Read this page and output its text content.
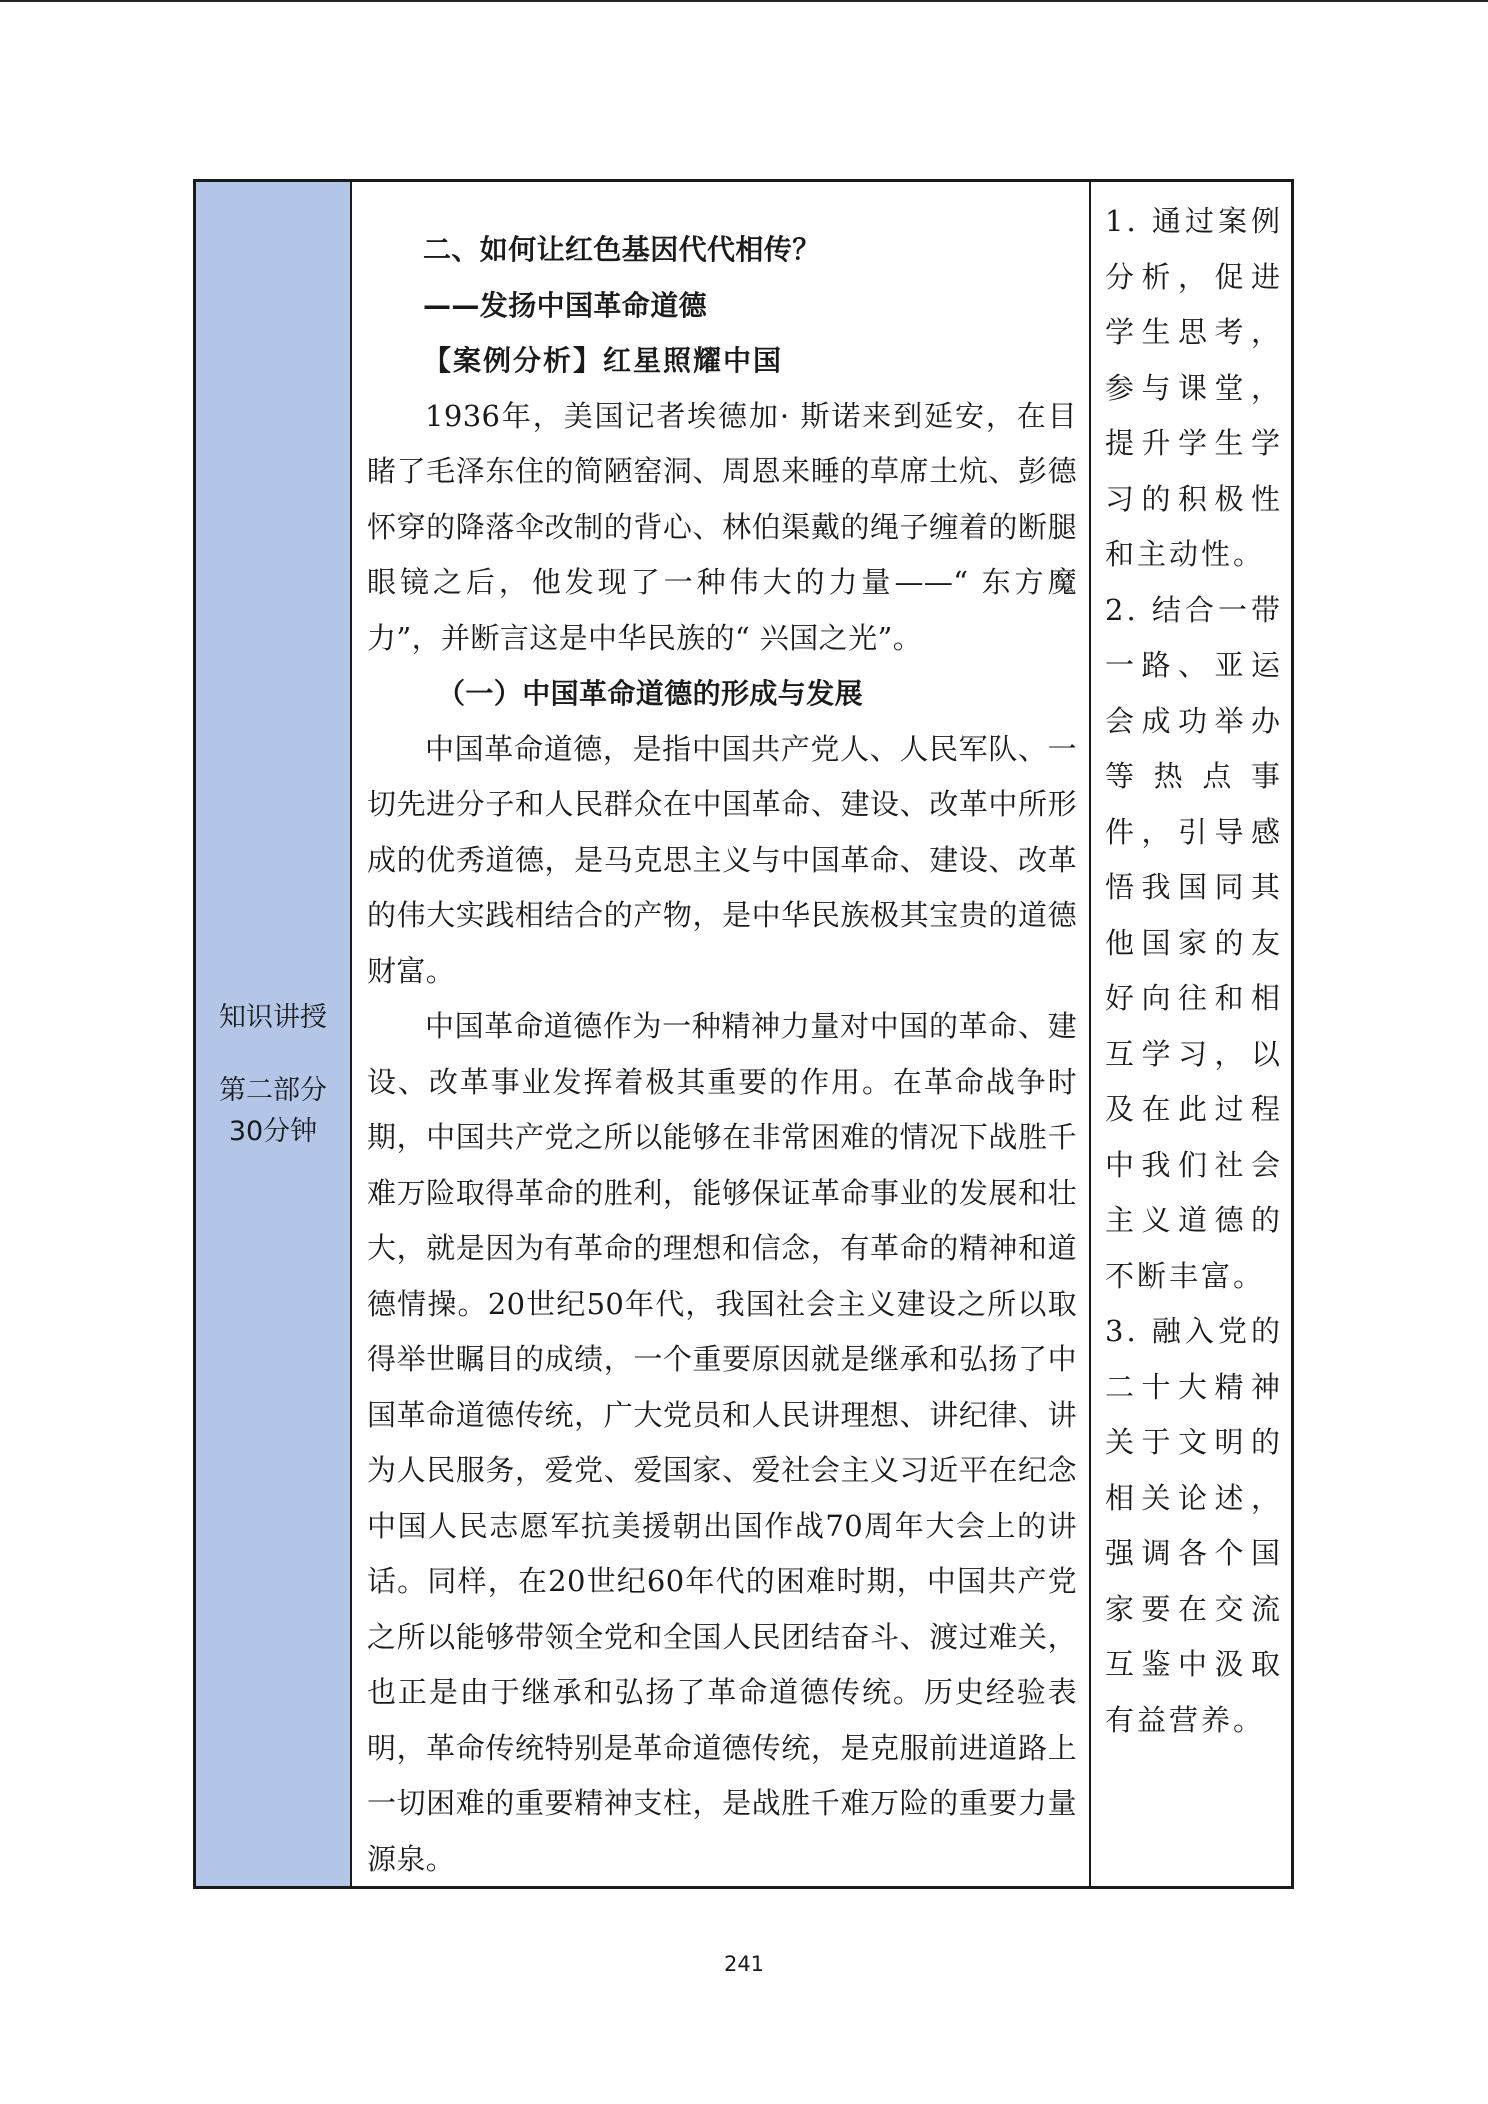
知识讲授
第二部分
30分钟

二、如何让红色基因代代相传？

——发扬中国革命道德

【案例分析】红星照耀中国

1936年，美国记者埃德加· 斯诺来到延安，在目睹了毛泽东住的简陋窑洞、周恩来睡的草席土炕、彭德怀穿的降落伞改制的背心、林伯渠戴的绳子缠着的断腿眼镜之后，他发现了一种伟大的力量——“ 东方魔力”，并断言这是中华民族的“ 兴国之光”。

（一）中国革命道德的形成与发展

中国革命道德，是指中国共产党人、人民军队、一切先进分子和人民群众在中国革命、建设、改革中所形成的优秀道德，是马克思主义与中国革命、建设、改革的伟大实践相结合的产物，是中华民族极其宝贵的道德财富。

中国革命道德作为一种精神力量对中国的革命、建设、改革事业发挥着极其重要的作用。在革命战争时期，中国共产党之所以能够在非常困难的情况下战胜千难万险取得革命的胜利，能够保证革命事业的发展和壮大，就是因为有革命的理想和信念，有革命的精神和道德情操。20世纪50年代，我国社会主义建设之所以取得举世瞩目的成绩，一个重要原因就是继承和弘扬了中国革命道德传统，广大党员和人民讲理想、讲纪律、讲为人民服务，爱党、爱国家、爱社会主义习近平在纪念中国人民志愿军抗美援朝出国作战70周年大会上的讲话。同样，在20世纪60年代的困难时期，中国共产党之所以能够带领全党和全国人民团结奋斗、渡过难关，也正是由于继承和弘扬了革命道德传统。历史经验表明，革命传统特别是革命道德传统，是克服前进道路上一切困难的重要精神支柱，是战胜千难万险的重要力量源泉。

1. 通过案例分析，促进学生思考，参与课堂，提升学生学习的积极性和主动性。

2. 结合一带一路、亚运会成功举办等热点事件，引导感悟我国同其他国家的友好向往和相互学习，以及在此过程中我们社会主义道德的不断丰富。

3. 融入党的二十大精神关于文明的相关论述，强调各个国家要在交流互鉴中汲取有益营养。

241
